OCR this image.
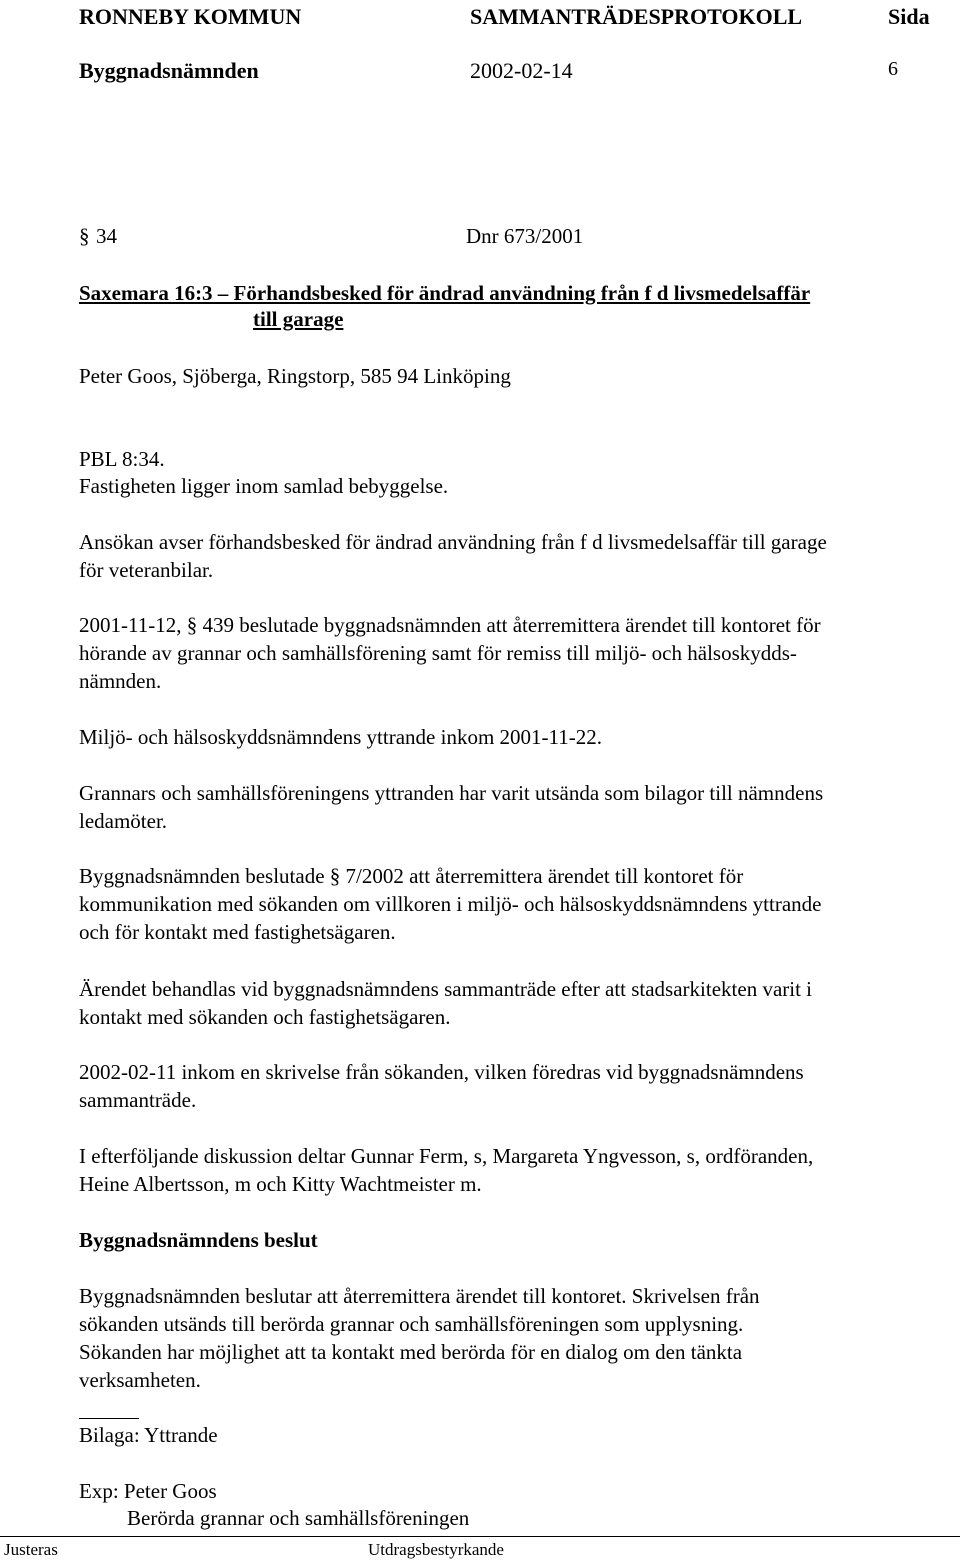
RONNEBY KOMMUN	SAMMANTRÄDESPROTOKOLL	Sida
Byggnadsnämnden	2002-02-14	6
§ 34	Dnr 673/2001
Saxemara 16:3 – Förhandsbesked för ändrad användning från f d livsmedelsaffär
till garage
Peter Goos, Sjöberga, Ringstorp, 585 94 Linköping
PBL 8:34.
Fastigheten ligger inom samlad bebyggelse.
Ansökan avser förhandsbesked för ändrad användning från f d livsmedelsaffär till garage
för veteranbilar.
2001-11-12, § 439 beslutade byggnadsnämnden att återremittera ärendet till kontoret för
hörande av grannar och samhällsförening samt för remiss till miljö- och hälsoskydds-
nämnden.
Miljö- och hälsoskyddsnämndens yttrande inkom 2001-11-22.
Grannars och samhällsföreningens yttranden har varit utsända som bilagor till nämndens
ledamöter.
Byggnadsnämnden beslutade § 7/2002 att återremittera ärendet till kontoret för
kommunikation med sökanden om villkoren i miljö- och hälsoskyddsnämndens yttrande
och för kontakt med fastighetsägaren.
Ärendet behandlas vid byggnadsnämndens sammanträde efter att stadsarkitekten varit i
kontakt med sökanden och fastighetsägaren.
2002-02-11 inkom en skrivelse från sökanden, vilken föredras vid byggnadsnämndens
sammanträde.
I efterföljande diskussion deltar Gunnar Ferm, s, Margareta Yngvesson, s, ordföranden,
Heine Albertsson, m och Kitty Wachtmeister m.
Byggnadsnämndens beslut
Byggnadsnämnden beslutar att återremittera ärendet till kontoret. Skrivelsen från
sökanden utsänds till berörda grannar och samhällsföreningen som upplysning.
Sökanden har möjlighet att ta kontakt med berörda för en dialog om den tänkta
verksamheten.
Bilaga: Yttrande
Exp: Peter Goos
Berörda grannar och samhällsföreningen
Justeras	Utdragsbestyrkande
